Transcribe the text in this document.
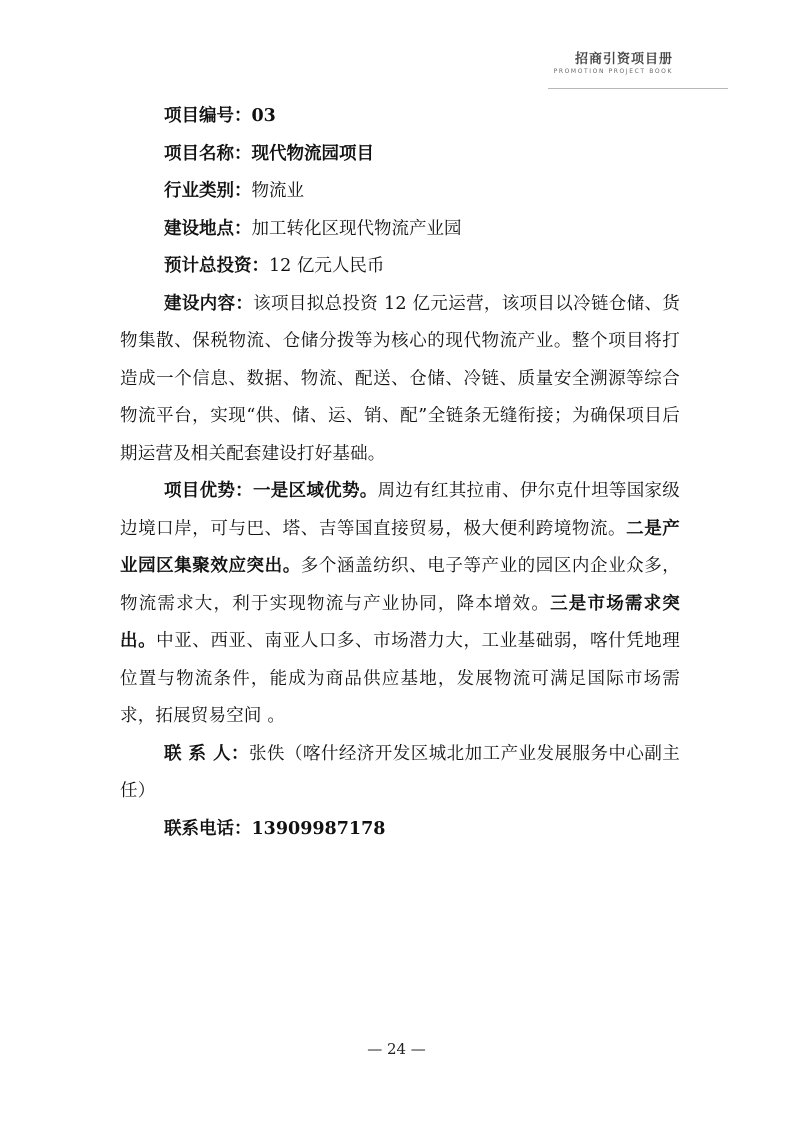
招商引资项目册
PROMOTION PROJECT BOOK

项目编号：03

项目名称：现代物流园项目

行业类别：物流业

建设地点：加工转化区现代物流产业园

预计总投资：12 亿元人民币

建设内容：该项目拟总投资 12 亿元运营，该项目以冷链仓储、货物集散、保税物流、仓储分拨等为核心的现代物流产业。整个项目将打造成一个信息、数据、物流、配送、仓储、冷链、质量安全溯源等综合物流平台，实现“供、储、运、销、配”全链条无缝衔接；为确保项目后期运营及相关配套建设打好基础。

项目优势：一是区域优势。周边有红其拉甫、伊尔克什坦等国家级边境口岸，可与巴、塔、吉等国直接贸易，极大便利跨境物流。二是产业园区集聚效应突出。多个涵盖纺织、电子等产业的园区内企业众多，物流需求大，利于实现物流与产业协同，降本增效。三是市场需求突出。中亚、西亚、南亚人口多、市场潜力大，工业基础弱，喀什凭地理位置与物流条件，能成为商品供应基地，发展物流可满足国际市场需求，拓展贸易空间 。

联 系 人：张佚（喀什经济开发区城北加工产业发展服务中心副主任）

联系电话：13909987178

— 24 —
